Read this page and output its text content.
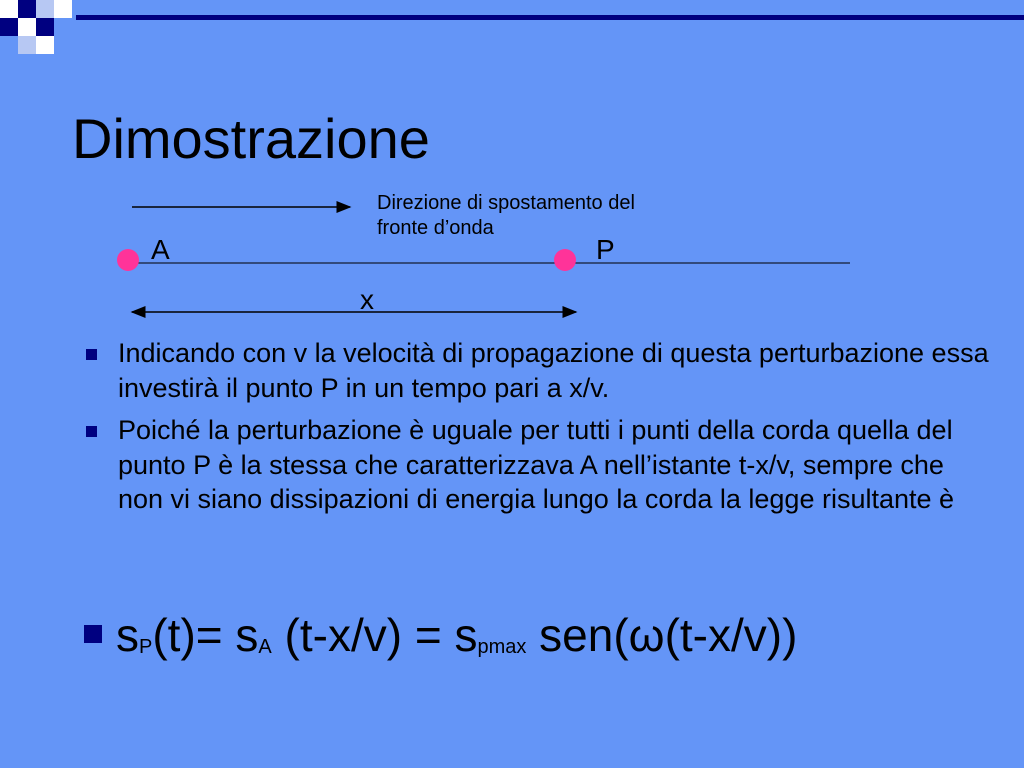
Dimostrazione
Direzione di spostamento del
fronte d’onda
A	P
x
Indicando con v la velocità di propagazione di questa perturbazione essa investirà il punto P in un tempo pari a x/v.
Poiché la perturbazione è uguale per tutti i punti della corda quella del punto P è la stessa che caratterizzava A nell’istante t-x/v, sempre che non vi siano dissipazioni di energia lungo la corda la legge risultante è
sP(t)= sA (t-x/v) = spmax sen(ω(t-x/v))
